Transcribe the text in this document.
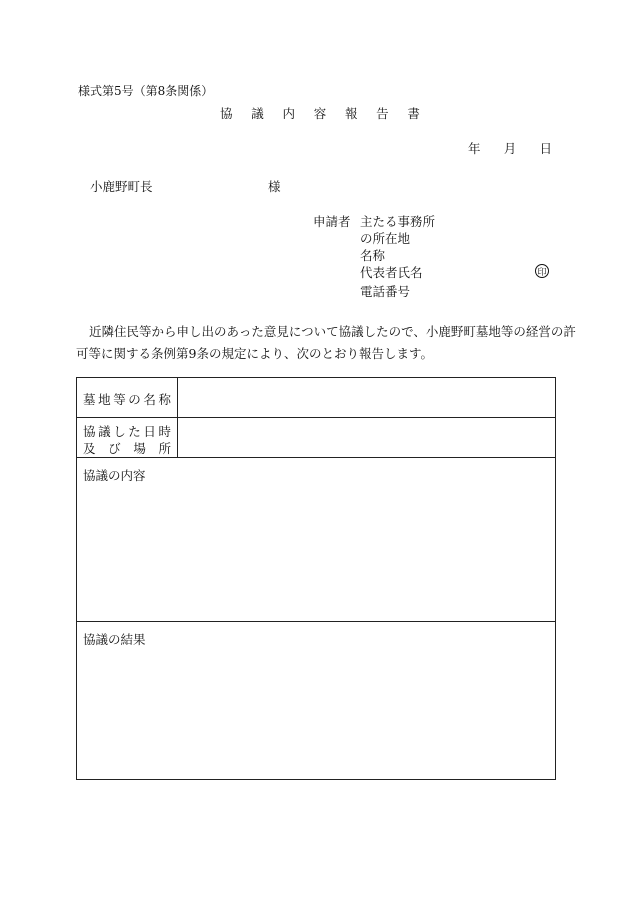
様式第5号（第8条関係）
協 議 内 容 報 告 書
年 月 日
小鹿野町長	様
申請者 主たる事務所
の所在地
名称
代表者氏名	印
電話番号
近隣住民等から申し出のあった意見について協議したので、小鹿野町墓地等の経営の許
可等に関する条例第9条の規定により、次のとおり報告します。
墓 地 等 の 名 称
協 議 し た 日 時
及 び 場 所
協議の内容
協議の結果
